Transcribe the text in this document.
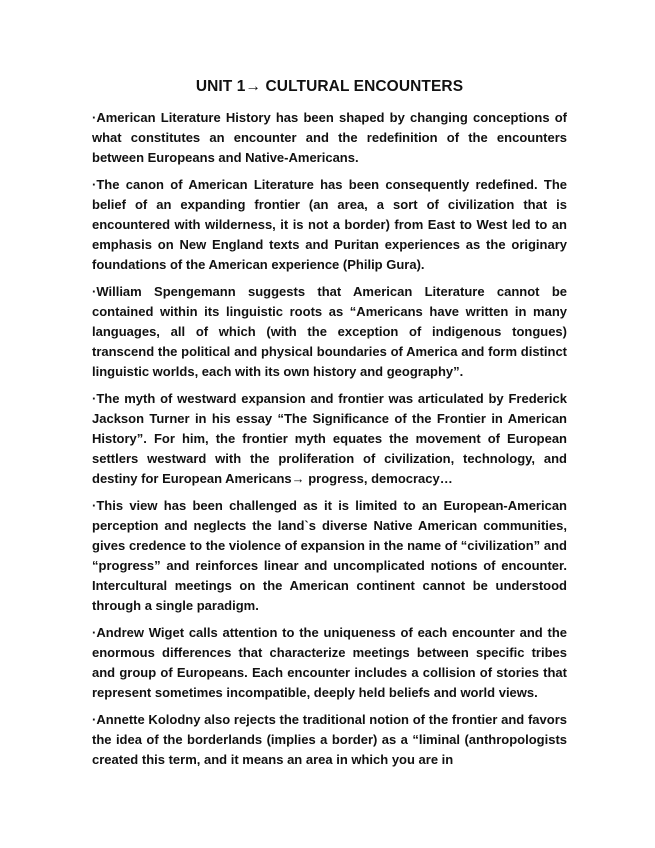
UNIT 1→ CULTURAL ENCOUNTERS

·American Literature History has been shaped by changing conceptions of what constitutes an encounter and the redefinition of the encounters between Europeans and Native-Americans.

·The canon of American Literature has been consequently redefined. The belief of an expanding frontier (an area, a sort of civilization that is encountered with wilderness, it is not a border) from East to West led to an emphasis on New England texts and Puritan experiences as the originary foundations of the American experience (Philip Gura).

·William Spengemann suggests that American Literature cannot be contained within its linguistic roots as “Americans have written in many languages, all of which (with the exception of indigenous tongues) transcend the political and physical boundaries of America and form distinct linguistic worlds, each with its own history and geography”.

·The myth of westward expansion and frontier was articulated by Frederick Jackson Turner in his essay “The Significance of the Frontier in American History”. For him, the frontier myth equates the movement of European settlers westward with the proliferation of civilization, technology, and destiny for European Americans→ progress, democracy…

·This view has been challenged as it is limited to an European-American perception and neglects the land`s diverse Native American communities, gives credence to the violence of expansion in the name of “civilization” and “progress” and reinforces linear and uncomplicated notions of encounter. Intercultural meetings on the American continent cannot be understood through a single paradigm.

·Andrew Wiget calls attention to the uniqueness of each encounter and the enormous differences that characterize meetings between specific tribes and group of Europeans. Each encounter includes a collision of stories that represent sometimes incompatible, deeply held beliefs and world views.

·Annette Kolodny also rejects the traditional notion of the frontier and favors the idea of the borderlands (implies a border) as a “liminal (anthropologists created this term, and it means an area in which you are in
